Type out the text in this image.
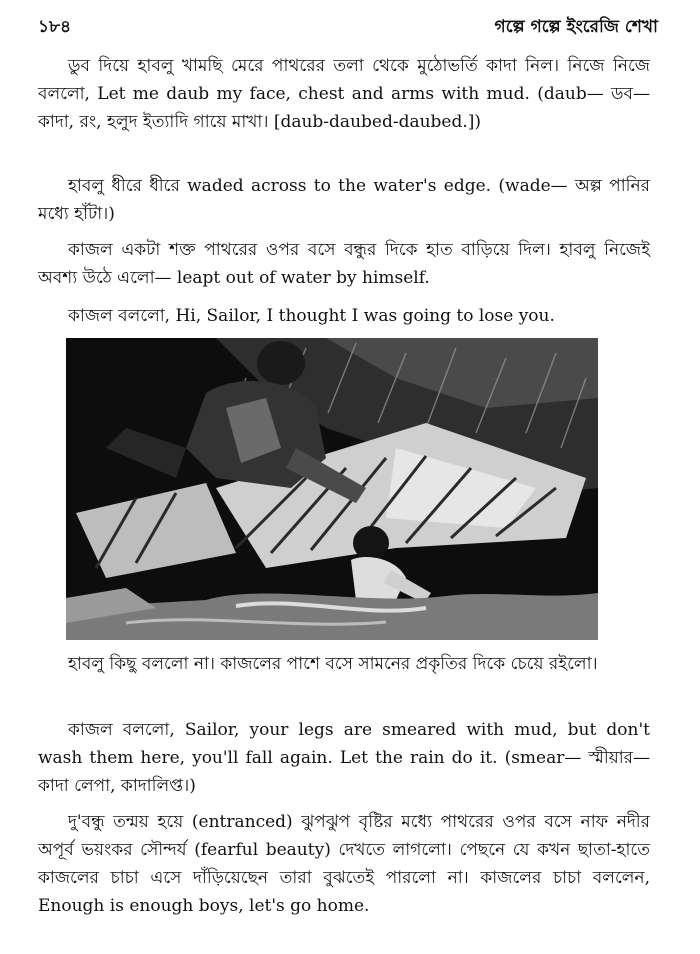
১৮৪	গল্পে গল্পে ইংরেজি শেখা

ডুব দিয়ে হাবলু খামছি মেরে পাথরের তলা থেকে মুঠোভর্তি কাদা নিল। নিজে নিজে বললো, Let me daub my face, chest and arms with mud. (daub— ডব— কাদা, রং, হলুদ ইত্যাদি গায়ে মাখা। [daub-daubed-daubed.])

হাবলু ধীরে ধীরে waded across to the water's edge. (wade— অল্প পানির মধ্যে হাঁটা।)

কাজল একটা শক্ত পাথরের ওপর বসে বন্ধুর দিকে হাত বাড়িয়ে দিল। হাবলু নিজেই অবশ্য উঠে এলো— leapt out of water by himself.

কাজল বললো, Hi, Sailor, I thought I was going to lose you.

হাবলু কিছু বললো না। কাজলের পাশে বসে সামনের প্রকৃতির দিকে চেয়ে রইলো।

কাজল বললো, Sailor, your legs are smeared with mud, but don't wash them here, you'll fall again. Let the rain do it. (smear— স্মীয়ার— কাদা লেপা, কাদালিপ্ত।)

দু'বন্ধু তন্ময় হয়ে (entranced) ঝুপঝুপ বৃষ্টির মধ্যে পাথরের ওপর বসে নাফ নদীর অপূর্ব ভয়ংকর সৌন্দর্য (fearful beauty) দেখতে লাগলো। পেছনে যে কখন ছাতা-হাতে কাজলের চাচা এসে দাঁড়িয়েছেন তারা বুঝতেই পারলো না। কাজলের চাচা বললেন, Enough is enough boys, let's go home.
